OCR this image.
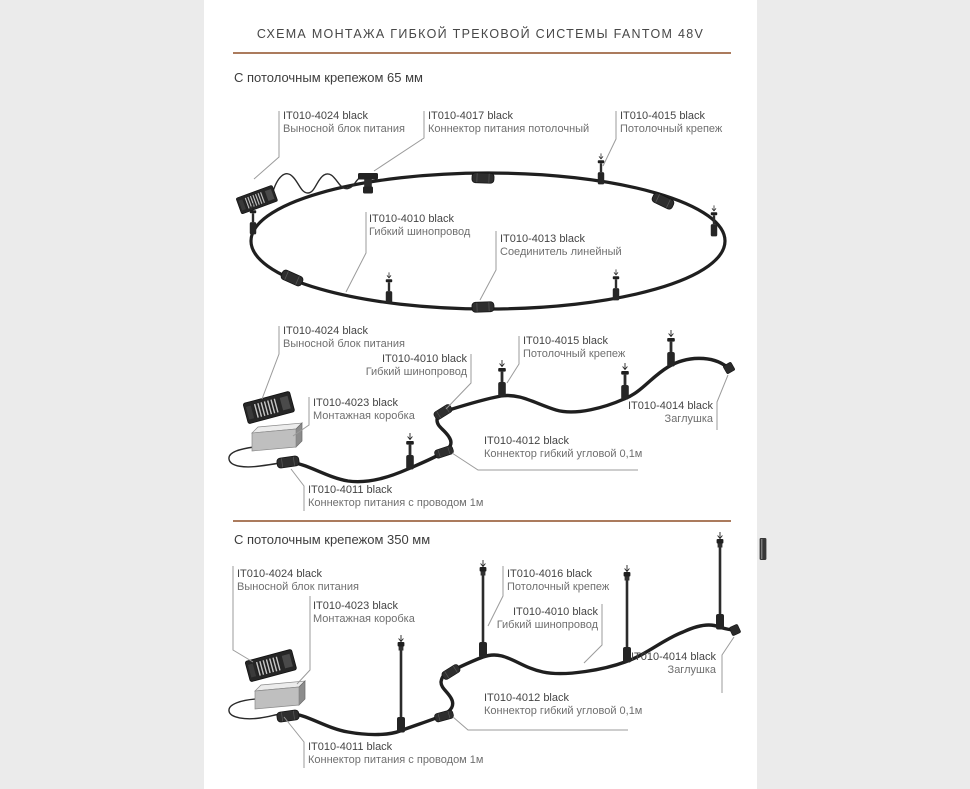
СХЕМА МОНТАЖА ГИБКОЙ ТРЕКОВОЙ СИСТЕМЫ FANTOM 48V
С потолочным крепежом 65 мм
С потолочным крепежом 350 мм
IT010-4024 black
Выносной блок питания
IT010-4017 black
Коннектор питания потолочный
IT010-4015 black
Потолочный крепеж
IT010-4010 black
Гибкий шинопровод
IT010-4013 black
Соединитель линейный
IT010-4024 black
Выносной блок питания
IT010-4010 black
Гибкий шинопровод
IT010-4015 black
Потолочный крепеж
IT010-4023 black
Монтажная коробка
IT010-4014 black
Заглушка
IT010-4012 black
Коннектор гибкий угловой 0,1м
IT010-4011 black
Коннектор питания с проводом 1м
IT010-4024 black
Выносной блок питания
IT010-4016 black
Потолочный крепеж
IT010-4023 black
Монтажная коробка
IT010-4010 black
Гибкий шинопровод
IT010-4014 black
Заглушка
IT010-4012 black
Коннектор гибкий угловой 0,1м
IT010-4011 black
Коннектор питания с проводом 1м
